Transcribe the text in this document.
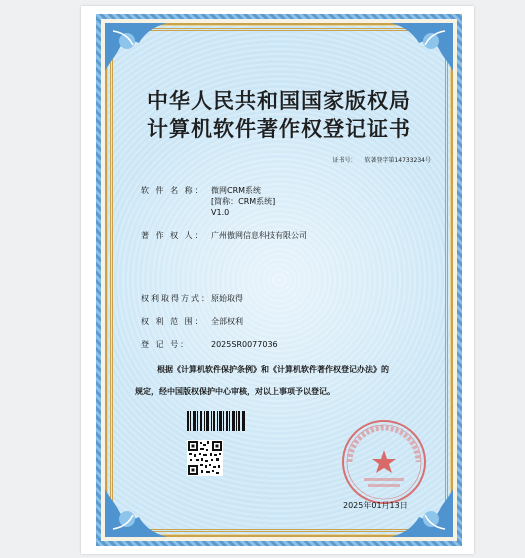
中华人民共和国国家版权局
计算机软件著作权登记证书
证书号： 软著登字第14733234号
软 件 名 称： 微网CRM系统
[简称：CRM系统]
V1.0
著 作 权 人： 广州傲网信息科技有限公司
权利取得方式：原始取得
权 利 范 围： 全部权利
登 记 号：	2025SR0077036
根据《计算机软件保护条例》和《计算机软件著作权登记办法》的
规定，经中国版权保护中心审核，对以上事项予以登记。
2025年01月13日
